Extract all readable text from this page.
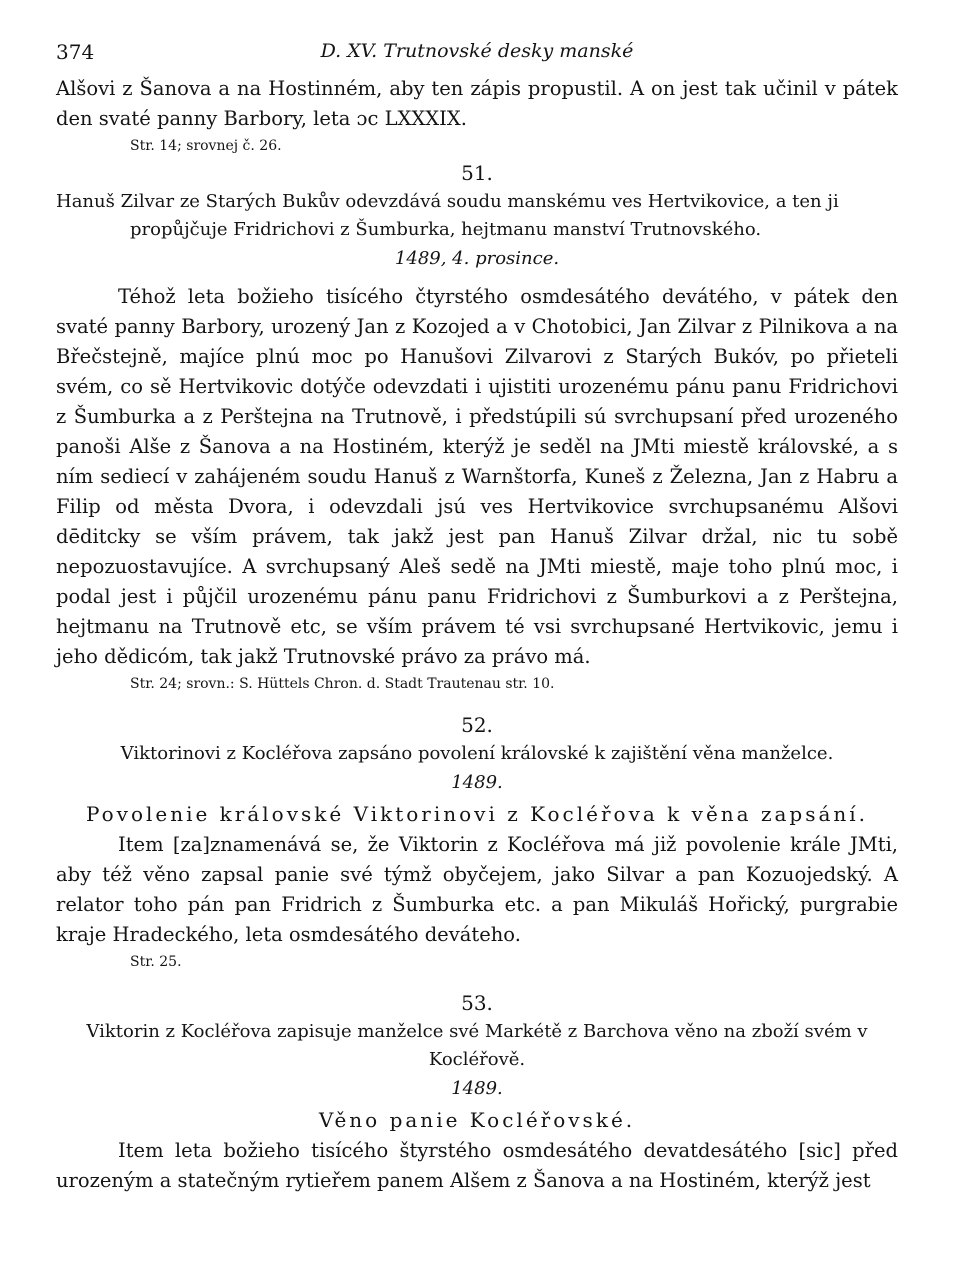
374	D. XV. Trutnovské desky manské

Alšovi z Šanova a na Hostinném, aby ten zápis propustil. A on jest tak učinil v pátek den svaté panny Barbory, leta ɔc LXXXIX.

Str. 14; srovnej č. 26.

51.

Hanuš Zilvar ze Starých Bukův odevzdává soudu manskému ves Hertvikovice, a ten ji propůjčuje Fridrichovi z Šumburka, hejtmanu manství Trutnovského.

1489, 4. prosince.

Téhož leta božieho tisícého čtyrstého osmdesátého devátého, v pátek den svaté panny Barbory, urozený Jan z Kozojed a v Chotobici, Jan Zilvar z Pilnikova a na Břečstejně, majíce plnú moc po Hanušovi Zilvarovi z Starých Bukóv, po přieteli svém, co sě Hertvikovic dotýče odevzdati i ujistiti urozenému pánu panu Fridrichovi z Šumburka a z Perštejna na Trutnově, i předstúpili sú svrchupsaní před urozeného panoši Alše z Šanova a na Hostiném, kterýž je seděl na JMti miestě královské, a s ním sediecí v zahájeném soudu Hanuš z Warnštorfa, Kuneš z Železna, Jan z Habru a Filip od města Dvora, i odevzdali jsú ves Hertvikovice svrchupsanému Alšovi dēditcky se vším právem, tak jakž jest pan Hanuš Zilvar držal, nic tu sobě nepozuostavujíce. A svrchupsaný Aleš sedě na JMti miestě, maje toho plnú moc, i podal jest i půjčil urozenému pánu panu Fridrichovi z Šumburkovi a z Perštejna, hejtmanu na Trutnově etc, se vším právem té vsi svrchupsané Hertvikovic, jemu i jeho dědicóm, tak jakž Trutnovské právo za právo má.

Str. 24; srovn.: S. Hüttels Chron. d. Stadt Trautenau str. 10.

52.

Viktorinovi z Kocléřova zapsáno povolení královské k zajištění věna manželce.

1489.

Povolenie královské Viktorinovi z Kocléřova k věna zapsání.

Item [za]znamenává se, že Viktorin z Kocléřova má již povolenie krále JMti, aby též věno zapsal panie své týmž obyčejem, jako Silvar a pan Kozuojedský. A relator toho pán pan Fridrich z Šumburka etc. a pan Mikuláš Hořický, purgrabie kraje Hradeckého, leta osmdesátého deváteho.

Str. 25.

53.

Viktorin z Kocléřova zapisuje manželce své Markétě z Barchova věno na zboží svém v Kocléřově.

1489.

Věno panie Kocléřovské.

Item leta božieho tisícého štyrstého osmdesátého devatdesátého [sic] před urozeným a statečným rytieřem panem Alšem z Šanova a na Hostiném, kterýž jest
